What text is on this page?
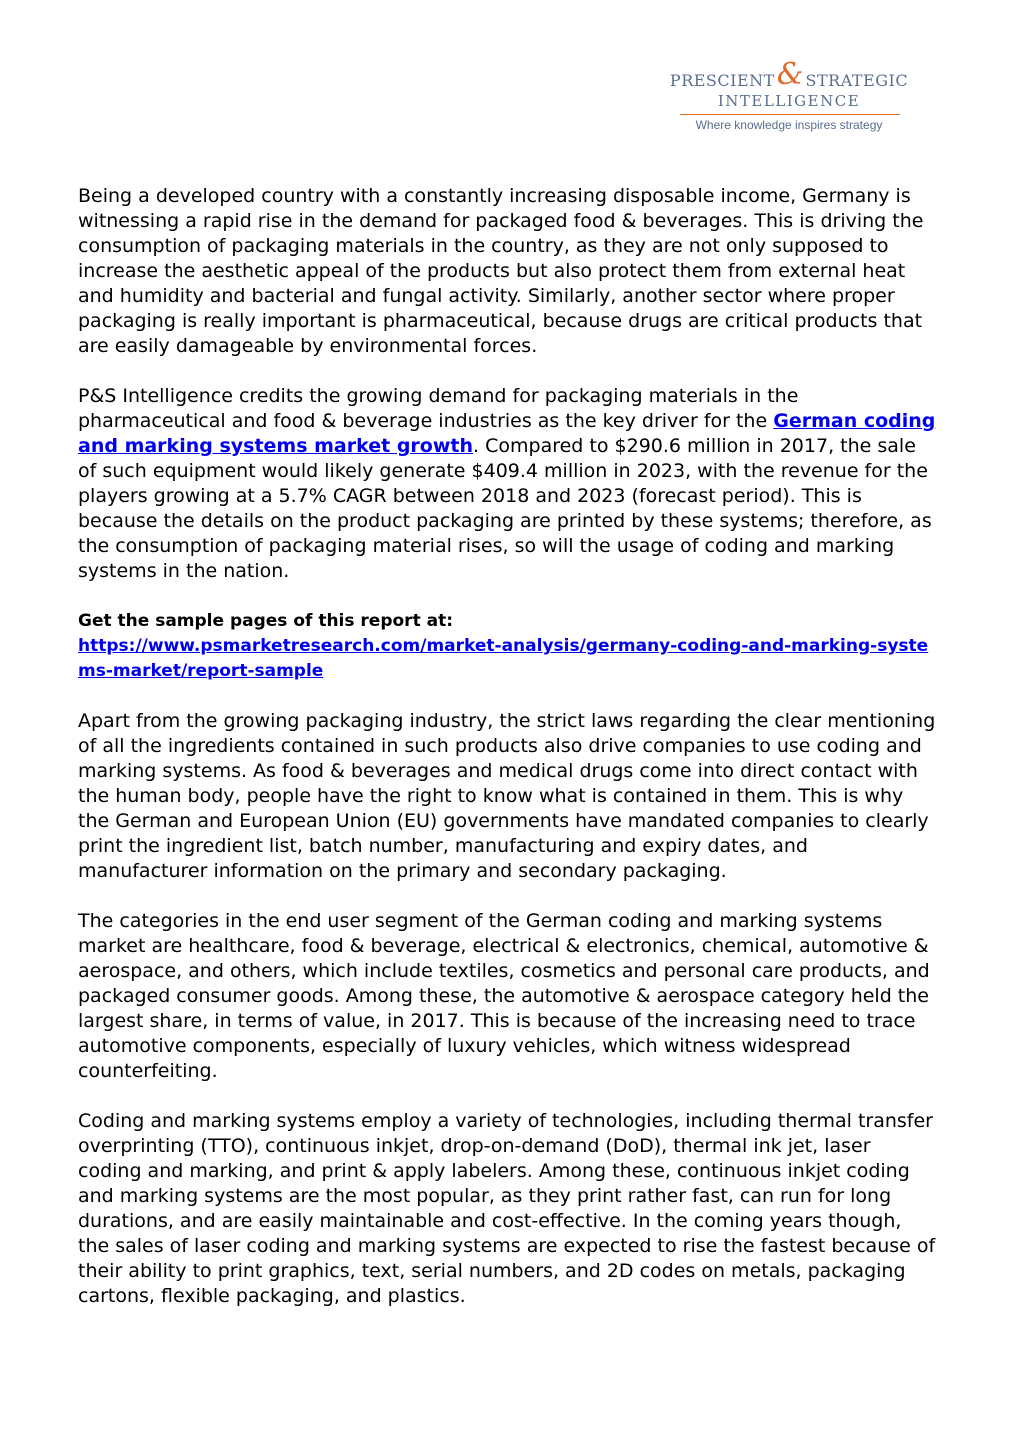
PRESCIENT & STRATEGIC
INTELLIGENCE
Where knowledge inspires strategy

Being a developed country with a constantly increasing disposable income, Germany is witnessing a rapid rise in the demand for packaged food & beverages. This is driving the consumption of packaging materials in the country, as they are not only supposed to increase the aesthetic appeal of the products but also protect them from external heat and humidity and bacterial and fungal activity. Similarly, another sector where proper packaging is really important is pharmaceutical, because drugs are critical products that are easily damageable by environmental forces.

P&S Intelligence credits the growing demand for packaging materials in the pharmaceutical and food & beverage industries as the key driver for the German coding and marking systems market growth. Compared to $290.6 million in 2017, the sale of such equipment would likely generate $409.4 million in 2023, with the revenue for the players growing at a 5.7% CAGR between 2018 and 2023 (forecast period). This is because the details on the product packaging are printed by these systems; therefore, as the consumption of packaging material rises, so will the usage of coding and marking systems in the nation.

Get the sample pages of this report at:
https://www.psmarketresearch.com/market-analysis/germany-coding-and-marking-systems-market/report-sample

Apart from the growing packaging industry, the strict laws regarding the clear mentioning of all the ingredients contained in such products also drive companies to use coding and marking systems. As food & beverages and medical drugs come into direct contact with the human body, people have the right to know what is contained in them. This is why the German and European Union (EU) governments have mandated companies to clearly print the ingredient list, batch number, manufacturing and expiry dates, and manufacturer information on the primary and secondary packaging.

The categories in the end user segment of the German coding and marking systems market are healthcare, food & beverage, electrical & electronics, chemical, automotive & aerospace, and others, which include textiles, cosmetics and personal care products, and packaged consumer goods. Among these, the automotive & aerospace category held the largest share, in terms of value, in 2017. This is because of the increasing need to trace automotive components, especially of luxury vehicles, which witness widespread counterfeiting.

Coding and marking systems employ a variety of technologies, including thermal transfer overprinting (TTO), continuous inkjet, drop-on-demand (DoD), thermal ink jet, laser coding and marking, and print & apply labelers. Among these, continuous inkjet coding and marking systems are the most popular, as they print rather fast, can run for long durations, and are easily maintainable and cost-effective. In the coming years though, the sales of laser coding and marking systems are expected to rise the fastest because of their ability to print graphics, text, serial numbers, and 2D codes on metals, packaging cartons, flexible packaging, and plastics.
